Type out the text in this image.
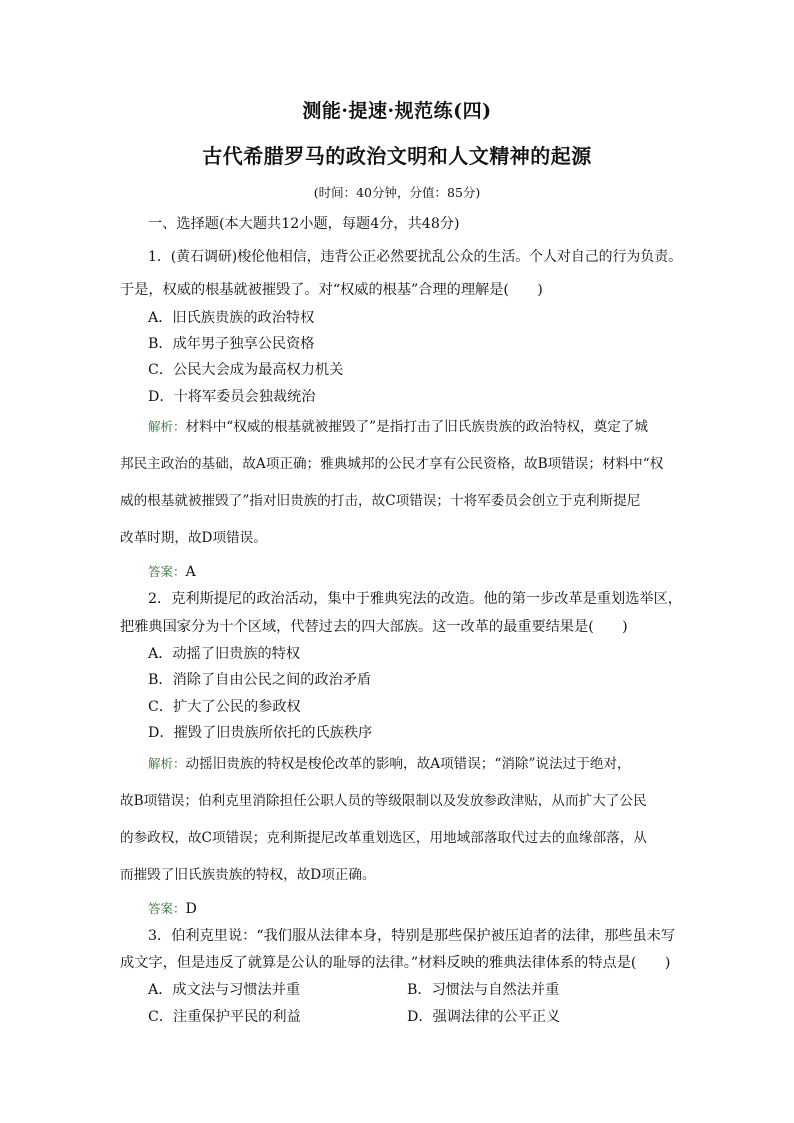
测能·提速·规范练(四)
古代希腊罗马的政治文明和人文精神的起源
(时间：40分钟，分值：85分)
一、选择题(本大题共12小题，每题4分，共48分)
1．(黄石调研)梭伦他相信，违背公正必然要扰乱公众的生活。个人对自己的行为负责。
于是，权威的根基就被摧毁了。对“权威的根基”合理的理解是(　　)
A．旧氏族贵族的政治特权
B．成年男子独享公民资格
C．公民大会成为最高权力机关
D．十将军委员会独裁统治
解析：材料中“权威的根基就被摧毁了”是指打击了旧氏族贵族的政治特权，奠定了城
邦民主政治的基础，故A项正确；雅典城邦的公民才享有公民资格，故B项错误；材料中“权
威的根基就被摧毁了”指对旧贵族的打击，故C项错误；十将军委员会创立于克利斯提尼
改革时期，故D项错误。
答案：A
2．克利斯提尼的政治活动，集中于雅典宪法的改造。他的第一步改革是重划选举区，
把雅典国家分为十个区域，代替过去的四大部族。这一改革的最重要结果是(　　)
A．动摇了旧贵族的特权
B．消除了自由公民之间的政治矛盾
C．扩大了公民的参政权
D．摧毁了旧贵族所依托的氏族秩序
解析：动摇旧贵族的特权是梭伦改革的影响，故A项错误；“消除”说法过于绝对，
故B项错误；伯利克里消除担任公职人员的等级限制以及发放参政津贴，从而扩大了公民
的参政权，故C项错误；克利斯提尼改革重划选区，用地域部落取代过去的血缘部落，从
而摧毁了旧氏族贵族的特权，故D项正确。
答案：D
3．伯利克里说：“我们服从法律本身，特别是那些保护被压迫者的法律，那些虽未写
成文字，但是违反了就算是公认的耻辱的法律。”材料反映的雅典法律体系的特点是(　　)
A．成文法与习惯法并重	B．习惯法与自然法并重
C．注重保护平民的利益	D．强调法律的公平正义
